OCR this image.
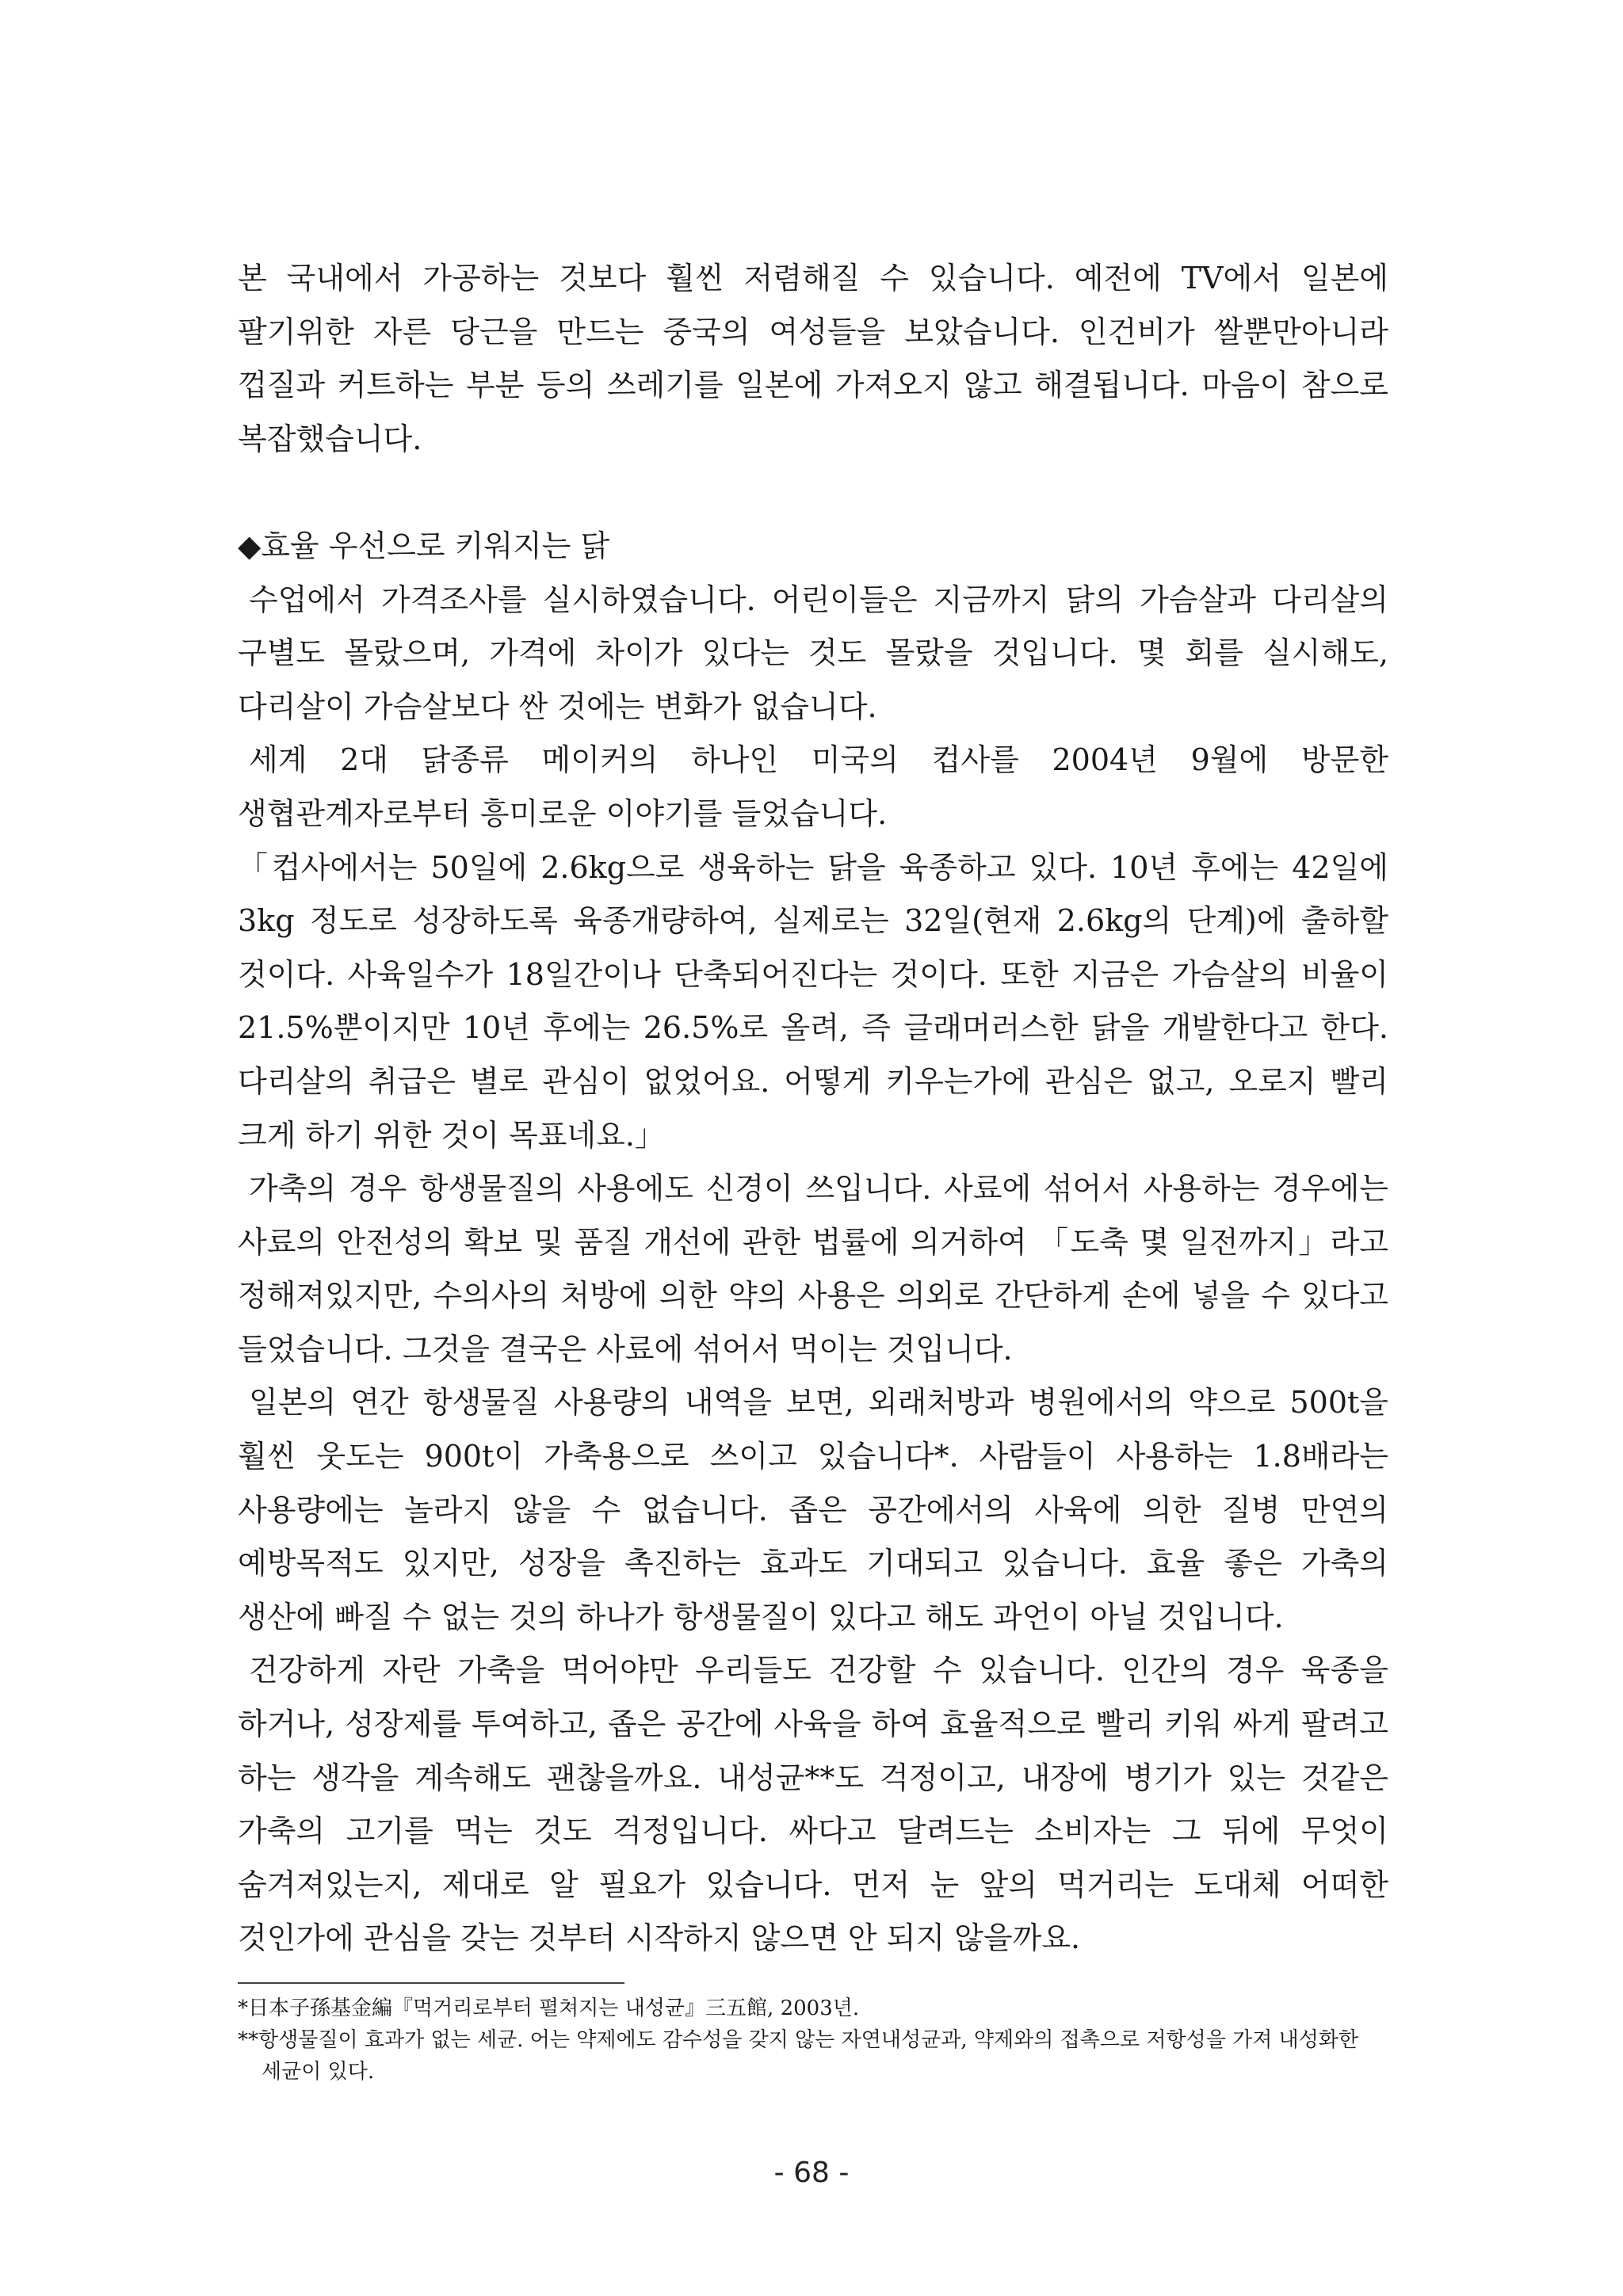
본 국내에서 가공하는 것보다 훨씬 저렴해질 수 있습니다. 예전에 TV에서 일본에 팔기위한 자른 당근을 만드는 중국의 여성들을 보았습니다. 인건비가 쌀뿐만아니라 껍질과 커트하는 부분 등의 쓰레기를 일본에 가져오지 않고 해결됩니다. 마음이 참으로 복잡했습니다.

◆효율 우선으로 키워지는 닭

수업에서 가격조사를 실시하였습니다. 어린이들은 지금까지 닭의 가슴살과 다리살의 구별도 몰랐으며, 가격에 차이가 있다는 것도 몰랐을 것입니다. 몇 회를 실시해도, 다리살이 가슴살보다 싼 것에는 변화가 없습니다.

세계 2대 닭종류 메이커의 하나인 미국의 컵사를 2004년 9월에 방문한 생협관계자로부터 흥미로운 이야기를 들었습니다.

「컵사에서는 50일에 2.6kg으로 생육하는 닭을 육종하고 있다. 10년 후에는 42일에 3kg 정도로 성장하도록 육종개량하여, 실제로는 32일(현재 2.6kg의 단계)에 출하할 것이다. 사육일수가 18일간이나 단축되어진다는 것이다. 또한 지금은 가슴살의 비율이 21.5%뿐이지만 10년 후에는 26.5%로 올려, 즉 글래머러스한 닭을 개발한다고 한다. 다리살의 취급은 별로 관심이 없었어요. 어떻게 키우는가에 관심은 없고, 오로지 빨리 크게 하기 위한 것이 목표네요.」

가축의 경우 항생물질의 사용에도 신경이 쓰입니다. 사료에 섞어서 사용하는 경우에는 사료의 안전성의 확보 및 품질 개선에 관한 법률에 의거하여 「도축 몇 일전까지」라고 정해져있지만, 수의사의 처방에 의한 약의 사용은 의외로 간단하게 손에 넣을 수 있다고 들었습니다. 그것을 결국은 사료에 섞어서 먹이는 것입니다.

일본의 연간 항생물질 사용량의 내역을 보면, 외래처방과 병원에서의 약으로 500t을 훨씬 웃도는 900t이 가축용으로 쓰이고 있습니다*. 사람들이 사용하는 1.8배라는 사용량에는 놀라지 않을 수 없습니다. 좁은 공간에서의 사육에 의한 질병 만연의 예방목적도 있지만, 성장을 촉진하는 효과도 기대되고 있습니다. 효율 좋은 가축의 생산에 빠질 수 없는 것의 하나가 항생물질이 있다고 해도 과언이 아닐 것입니다.

건강하게 자란 가축을 먹어야만 우리들도 건강할 수 있습니다. 인간의 경우 육종을 하거나, 성장제를 투여하고, 좁은 공간에 사육을 하여 효율적으로 빨리 키워 싸게 팔려고 하는 생각을 계속해도 괜찮을까요. 내성균**도 걱정이고, 내장에 병기가 있는 것같은 가축의 고기를 먹는 것도 걱정입니다. 싸다고 달려드는 소비자는 그 뒤에 무엇이 숨겨져있는지, 제대로 알 필요가 있습니다. 먼저 눈 앞의 먹거리는 도대체 어떠한 것인가에 관심을 갖는 것부터 시작하지 않으면 안 되지 않을까요.

*日本子孫基金編『먹거리로부터 펼쳐지는 내성균』三五館, 2003년.

**항생물질이 효과가 없는 세균. 어는 약제에도 감수성을 갖지 않는 자연내성균과, 약제와의 접촉으로 저항성을 가져 내성화한 세균이 있다.

- 68 -
